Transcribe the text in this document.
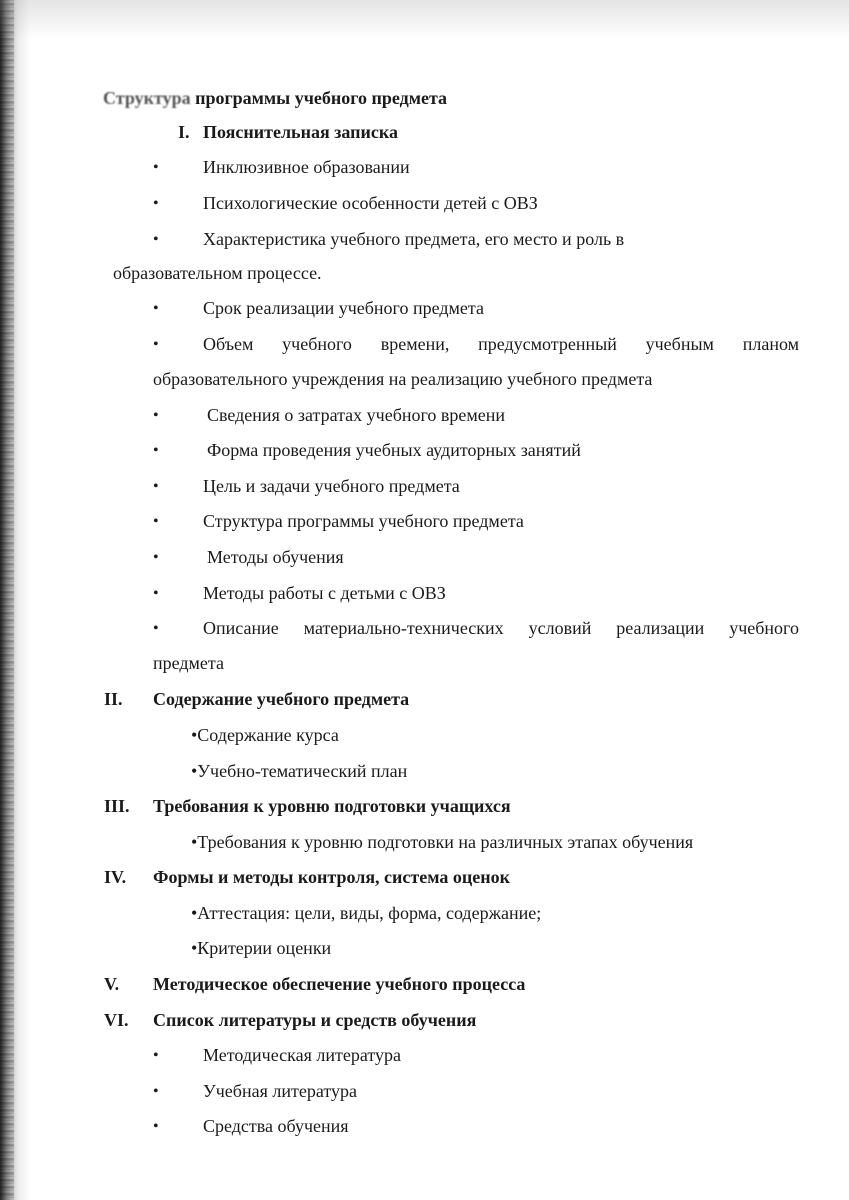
Структура программы учебного предмета
I. Пояснительная записка
• Инклюзивное образовании
• Психологические особенности детей с ОВЗ
• Характеристика учебного предмета, его место и роль в
образовательном процессе.
• Срок реализации учебного предмета
• Объем учебного времени, предусмотренный учебным планом
образовательного учреждения на реализацию учебного предмета
•	Сведения о затратах учебного времени
•	Форма проведения учебных аудиторных занятий
• Цель и задачи учебного предмета
• Структура программы учебного предмета
•	Методы обучения
• Методы работы с детьми с ОВЗ
• Описание материально-технических условий реализации учебного
предмета
II. Содержание учебного предмета
•Содержание курса
•Учебно-тематический план
III. Требования к уровню подготовки учащихся
•Требования к уровню подготовки на различных этапах обучения
IV. Формы и методы контроля, система оценок
•Аттестация: цели, виды, форма, содержание;
•Критерии оценки
V. Методическое обеспечение учебного процесса
VI. Список литературы и средств обучения
• Методическая литература
• Учебная литература
• Средства обучения
